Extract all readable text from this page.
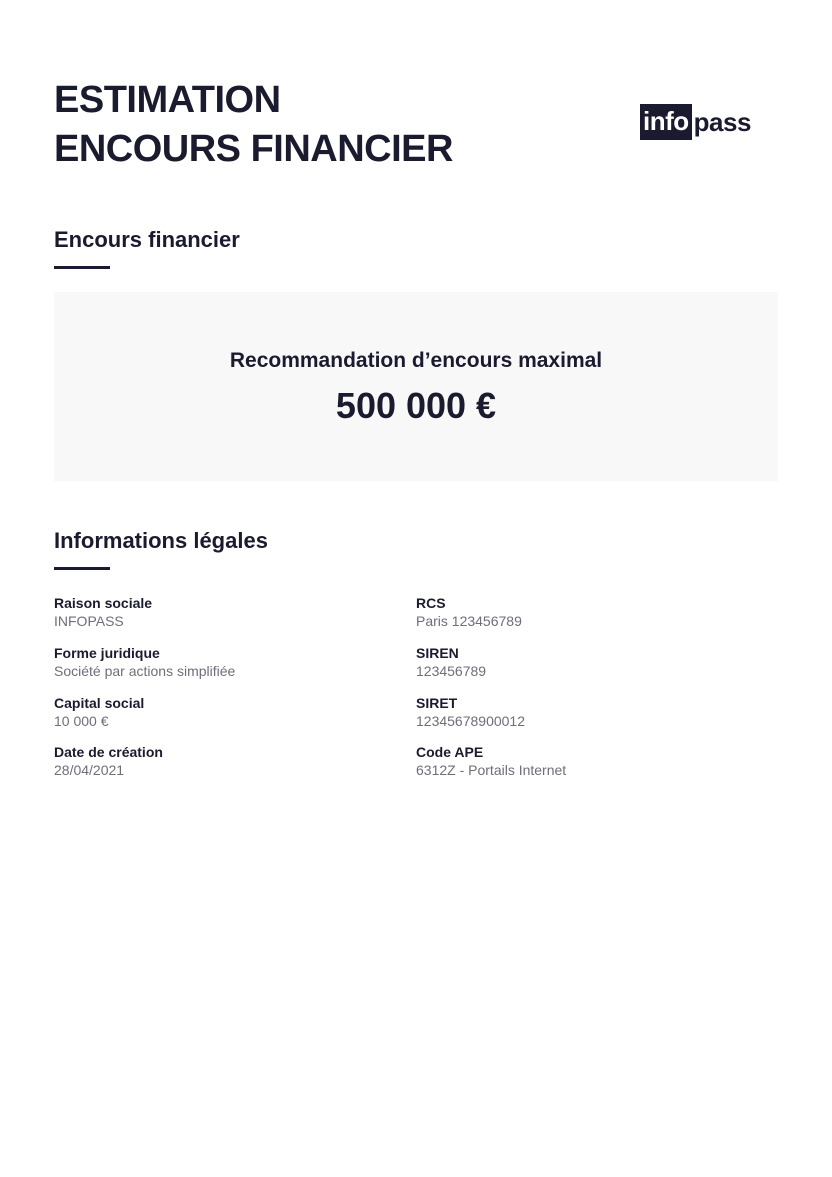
ESTIMATION
ENCOURS FINANCIER
info pass
Encours financier
Recommandation d’encours maximal
500 000 €
Informations légales
Raison sociale
INFOPASS
Forme juridique
Société par actions simplifiée
Capital social
10 000 €
Date de création
28/04/2021
RCS
Paris 123456789
SIREN
123456789
SIRET
12345678900012
Code APE
6312Z - Portails Internet
